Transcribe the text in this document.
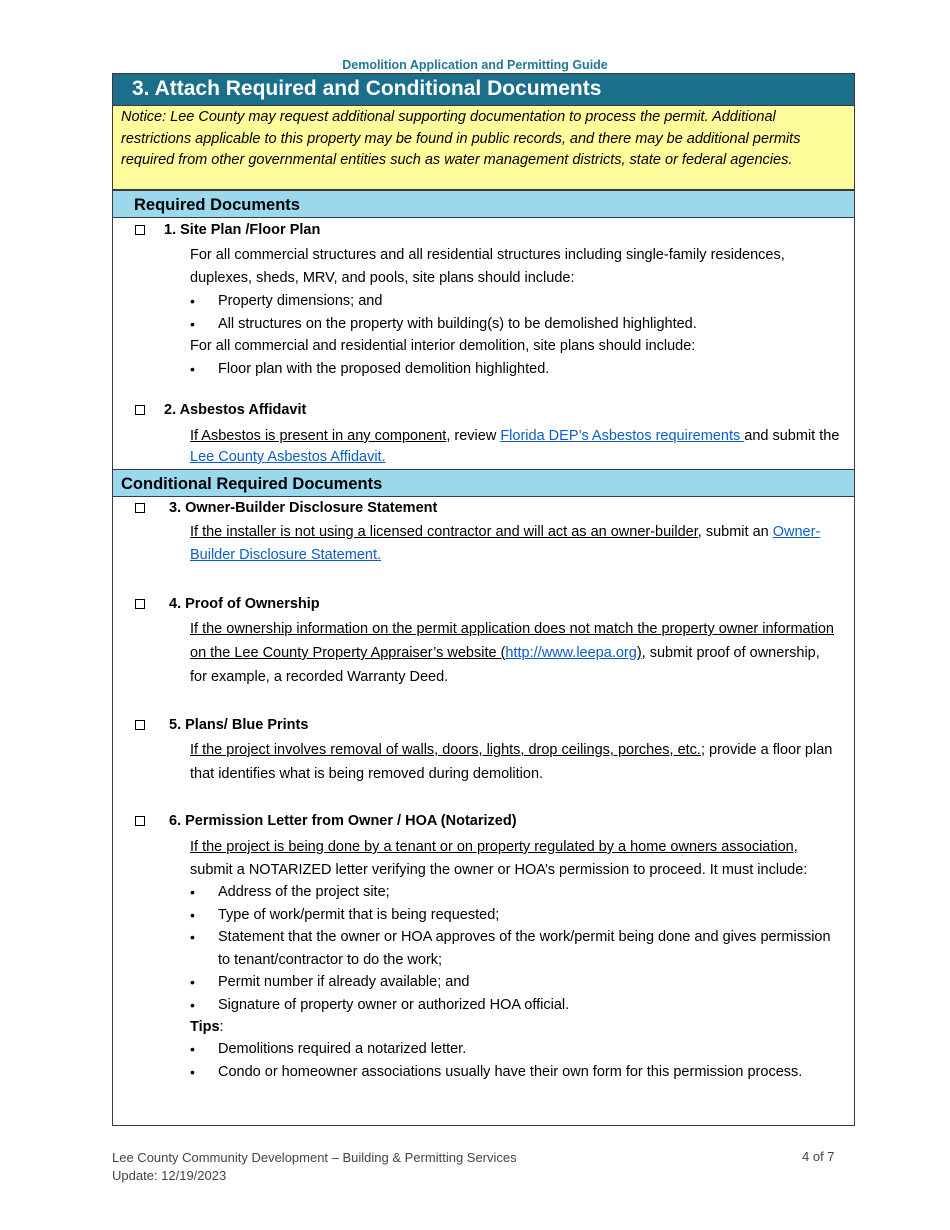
Demolition Application and Permitting Guide
3. Attach Required and Conditional Documents
Notice: Lee County may request additional supporting documentation to process the permit. Additional restrictions applicable to this property may be found in public records, and there may be additional permits required from other governmental entities such as water management districts, state or federal agencies.
Required Documents
1. Site Plan /Floor Plan

For all commercial structures and all residential structures including single-family residences, duplexes, sheds, MRV, and pools, site plans should include:

• Property dimensions; and
• All structures on the property with building(s) to be demolished highlighted.

For all commercial and residential interior demolition, site plans should include:

• Floor plan with the proposed demolition highlighted.
2. Asbestos Affidavit
If Asbestos is present in any component, review Florida DEP’s Asbestos requirements and submit the Lee County Asbestos Affidavit.
Conditional Required Documents
3. Owner-Builder Disclosure Statement
If the installer is not using a licensed contractor and will act as an owner-builder, submit an Owner-Builder Disclosure Statement.
4. Proof of Ownership
If the ownership information on the permit application does not match the property owner information on the Lee County Property Appraiser’s website (http://www.leepa.org), submit proof of ownership, for example, a recorded Warranty Deed.
5. Plans/ Blue Prints
If the project involves removal of walls, doors, lights, drop ceilings, porches, etc.; provide a floor plan that identifies what is being removed during demolition.
6. Permission Letter from Owner / HOA (Notarized)

If the project is being done by a tenant or on property regulated by a home owners association, submit a NOTARIZED letter verifying the owner or HOA’s permission to proceed. It must include:

• Address of the project site;
• Type of work/permit that is being requested;
• Statement that the owner or HOA approves of the work/permit being done and gives permission to tenant/contractor to do the work;
• Permit number if already available; and
• Signature of property owner or authorized HOA official.

Tips:

• Demolitions required a notarized letter.
• Condo or homeowner associations usually have their own form for this permission process.
Lee County Community Development – Building & Permitting Services
Update: 12/19/2023
4 of 7
